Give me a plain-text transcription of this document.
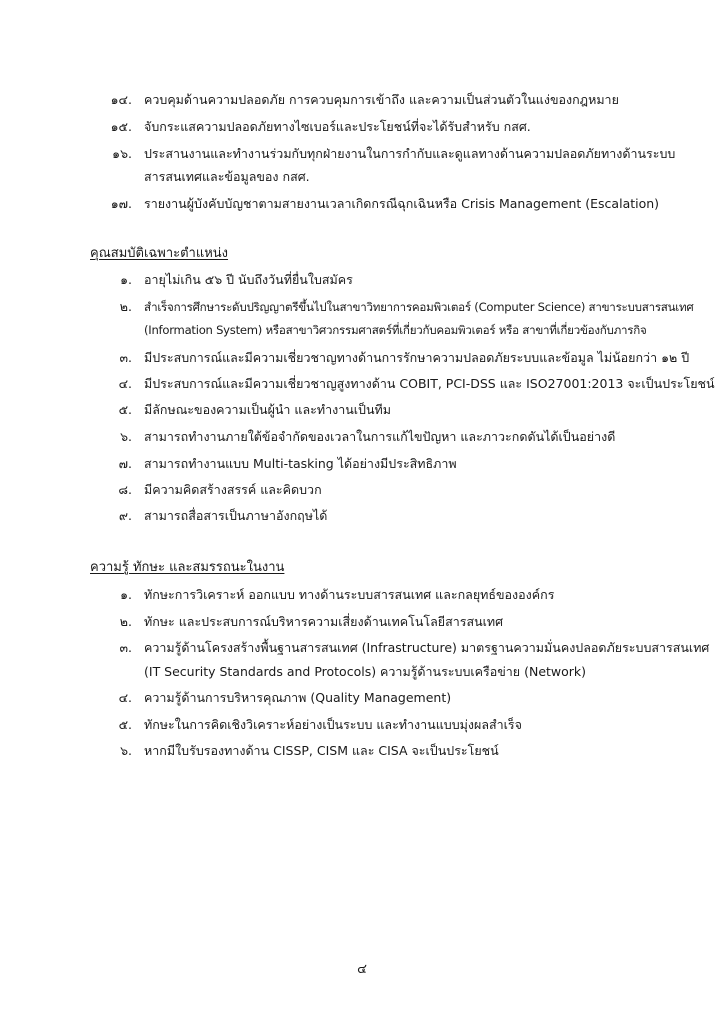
๑๔. ควบคุมด้านความปลอดภัย การควบคุมการเข้าถึง และความเป็นส่วนตัวในแง่ของกฎหมาย
๑๕. จับกระแสความปลอดภัยทางไซเบอร์และประโยชน์ที่จะได้รับสำหรับ กสศ.
๑๖. ประสานงานและทำงานร่วมกับทุกฝ่ายงานในการกำกับและดูแลทางด้านความปลอดภัยทางด้านระบบ
สารสนเทศและข้อมูลของ กสศ.
๑๗. รายงานผู้บังคับบัญชาตามสายงานเวลาเกิดกรณีฉุกเฉินหรือ Crisis Management (Escalation)
คุณสมบัติเฉพาะตำแหน่ง
๑. อายุไม่เกิน ๕๖ ปี นับถึงวันที่ยื่นใบสมัคร
๒. สำเร็จการศึกษาระดับปริญญาตรีขึ้นไปในสาขาวิทยาการคอมพิวเตอร์ (Computer Science) สาขาระบบสารสนเทศ
(Information System) หรือสาขาวิศวกรรมศาสตร์ที่เกี่ยวกับคอมพิวเตอร์ หรือ สาขาที่เกี่ยวข้องกับภารกิจ
๓. มีประสบการณ์และมีความเชี่ยวชาญทางด้านการรักษาความปลอดภัยระบบและข้อมูล ไม่น้อยกว่า ๑๒ ปี
๔. มีประสบการณ์และมีความเชี่ยวชาญสูงทางด้าน COBIT, PCI-DSS และ ISO27001:2013 จะเป็นประโยชน์
๕. มีลักษณะของความเป็นผู้นำ และทำงานเป็นทีม
๖. สามารถทำงานภายใต้ข้อจำกัดของเวลาในการแก้ไขปัญหา และภาวะกดดันได้เป็นอย่างดี
๗. สามารถทำงานแบบ Multi-tasking ได้อย่างมีประสิทธิภาพ
๘. มีความคิดสร้างสรรค์ และคิดบวก
๙. สามารถสื่อสารเป็นภาษาอังกฤษได้
ความรู้ ทักษะ และสมรรถนะในงาน
๑. ทักษะการวิเคราะห์ ออกแบบ ทางด้านระบบสารสนเทศ และกลยุทธ์ขององค์กร
๒. ทักษะ และประสบการณ์บริหารความเสี่ยงด้านเทคโนโลยีสารสนเทศ
๓. ความรู้ด้านโครงสร้างพื้นฐานสารสนเทศ (Infrastructure) มาตรฐานความมั่นคงปลอดภัยระบบสารสนเทศ
(IT Security Standards and Protocols) ความรู้ด้านระบบเครือข่าย (Network)
๔. ความรู้ด้านการบริหารคุณภาพ (Quality Management)
๕. ทักษะในการคิดเชิงวิเคราะห์อย่างเป็นระบบ และทำงานแบบมุ่งผลสำเร็จ
๖. หากมีใบรับรองทางด้าน CISSP, CISM และ CISA จะเป็นประโยชน์
๔
